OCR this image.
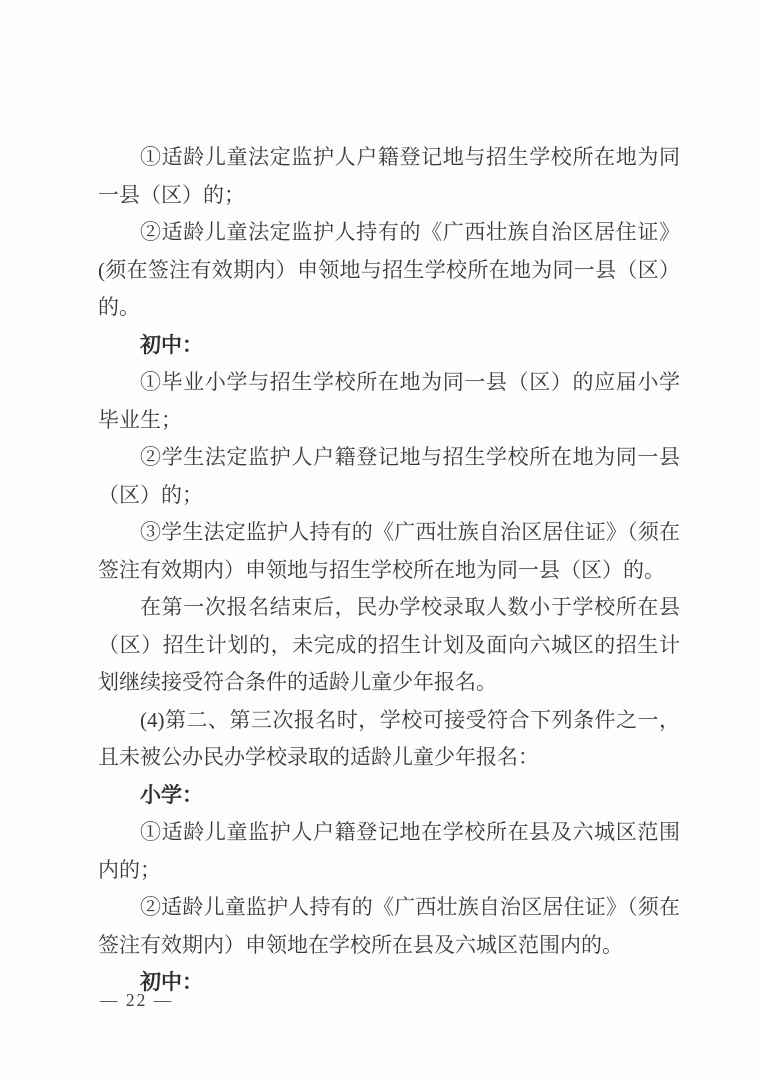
①适龄儿童法定监护人户籍登记地与招生学校所在地为同一县（区）的；

②适龄儿童法定监护人持有的《广西壮族自治区居住证》(须在签注有效期内）申领地与招生学校所在地为同一县（区）的。

初中：

①毕业小学与招生学校所在地为同一县（区）的应届小学毕业生；

②学生法定监护人户籍登记地与招生学校所在地为同一县（区）的；

③学生法定监护人持有的《广西壮族自治区居住证》（须在签注有效期内）申领地与招生学校所在地为同一县（区）的。

在第一次报名结束后，民办学校录取人数小于学校所在县（区）招生计划的，未完成的招生计划及面向六城区的招生计划继续接受符合条件的适龄儿童少年报名。

(4)第二、第三次报名时，学校可接受符合下列条件之一，且未被公办民办学校录取的适龄儿童少年报名：

小学：

①适龄儿童监护人户籍登记地在学校所在县及六城区范围内的；

②适龄儿童监护人持有的《广西壮族自治区居住证》（须在签注有效期内）申领地在学校所在县及六城区范围内的。

初中：

— 22 —
